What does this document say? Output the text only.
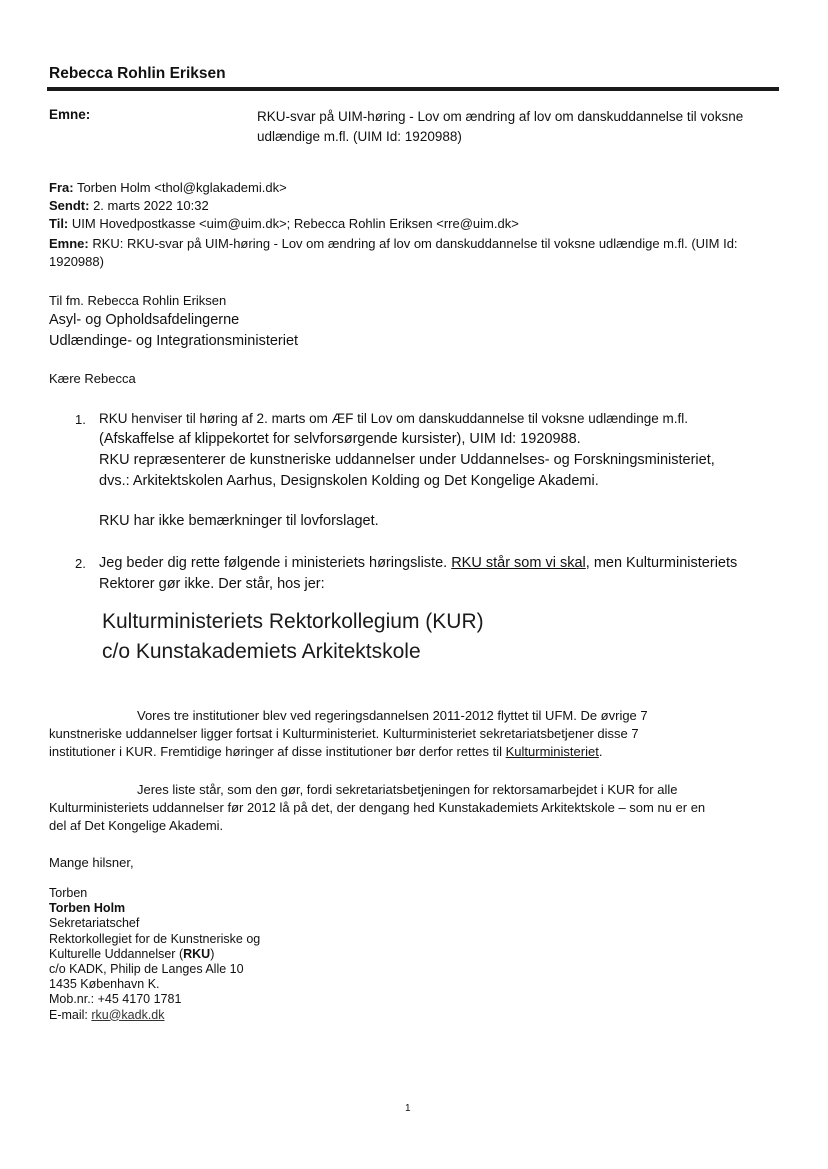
Rebecca Rohlin Eriksen
Emne:	RKU-svar på UIM-høring - Lov om ændring af lov om danskuddannelse til voksne udlændige m.fl. (UIM Id: 1920988)
Fra: Torben Holm <thol@kglakademi.dk>
Sendt: 2. marts 2022 10:32
Til: UIM Hovedpostkasse <uim@uim.dk>; Rebecca Rohlin Eriksen <rre@uim.dk>
Emne: RKU: RKU-svar på UIM-høring - Lov om ændring af lov om danskuddannelse til voksne udlændige m.fl. (UIM Id: 1920988)
Til fm. Rebecca Rohlin Eriksen
Asyl- og Opholdsafdelingerne
Udlændinge- og Integrationsministeriet
Kære Rebecca
1. RKU henviser til høring af 2. marts om ÆF til Lov om danskuddannelse til voksne udlændinge m.fl.
(Afskaffelse af klippekortet for selvforsørgende kursister), UIM Id: 1920988.
RKU repræsenterer de kunstneriske uddannelser under Uddannelses- og Forskningsministeriet,
dvs.: Arkitektskolen Aarhus, Designskolen Kolding og Det Kongelige Akademi.
RKU har ikke bemærkninger til lovforslaget.
2. Jeg beder dig rette følgende i ministeriets høringsliste. RKU står som vi skal, men Kulturministeriets
Rektorer gør ikke. Der står, hos jer:
Kulturministeriets Rektorkollegium (KUR)
c/o Kunstakademiets Arkitektskole
Vores tre institutioner blev ved regeringsdannelsen 2011-2012 flyttet til UFM. De øvrige 7
kunstneriske uddannelser ligger fortsat i Kulturministeriet. Kulturministeriet sekretariatsbetjener disse 7
institutioner i KUR. Fremtidige høringer af disse institutioner bør derfor rettes til Kulturministeriet.
Jeres liste står, som den gør, fordi sekretariatsbetjeningen for rektorsamarbejdet i KUR for alle
Kulturministeriets uddannelser før 2012 lå på det, der dengang hed Kunstakademiets Arkitektskole – som nu er en
del af Det Kongelige Akademi.
Mange hilsner,
Torben
Torben Holm
Sekretariatschef
Rektorkollegiet for de Kunstneriske og
Kulturelle Uddannelser (RKU)
c/o KADK, Philip de Langes Alle 10
1435 København K.
Mob.nr.: +45 4170 1781
E-mail: rku@kadk.dk
1
